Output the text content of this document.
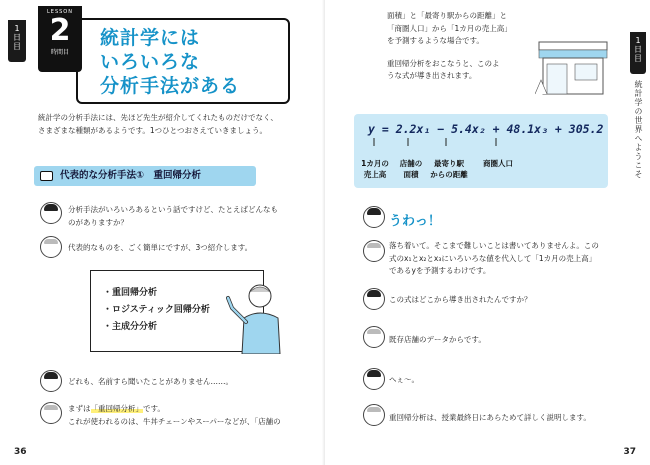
1
日
目	統計学には
いろいろな
分析手法がある
LESSON
2
時間目
統計学の分析手法には、先ほど先生が紹介してくれたものだけでなく、
さまざまな種類があるようです。1つひとつおさえていきましょう。
代表的な分析手法①　重回帰分析
分析手法がいろいろあるという話ですけど、たとえばどんなも
のがありますか？
代表的なものを、ごく簡単にですが、3つ紹介します。
・重回帰分析
・ロジスティック回帰分析
・主成分分析
どれも、名前すら聞いたことがありません……。
まずは「重回帰分析」です。
これが使われるのは、牛丼チェーンやスーパーなどが、「店舗の
36
面積」と「最寄り駅からの距離」と
「商圏人口」から「1カ月の売上高」
を予測するような場合です。
重回帰分析をおこなうと、このよ
うな式が導き出されます。
1
日
目
統計学の世界へようこそ
y = 2.2x₁ − 5.4x₂ + 48.1x₃ + 305.2
1カ月の
売上高
店舗の
面積
最寄り駅
からの距離
商圏人口
うわっ！
落ち着いて。そこまで難しいことは書いてありませんよ。この
式のx₁とx₂とx₃にいろいろな値を代入して「1カ月の売上高」
であるyを予測するわけです。
この式はどこから導き出されたんですか？
既存店舗のデータからです。
へぇ～。
重回帰分析は、授業最終日にあらためて詳しく説明します。
37
